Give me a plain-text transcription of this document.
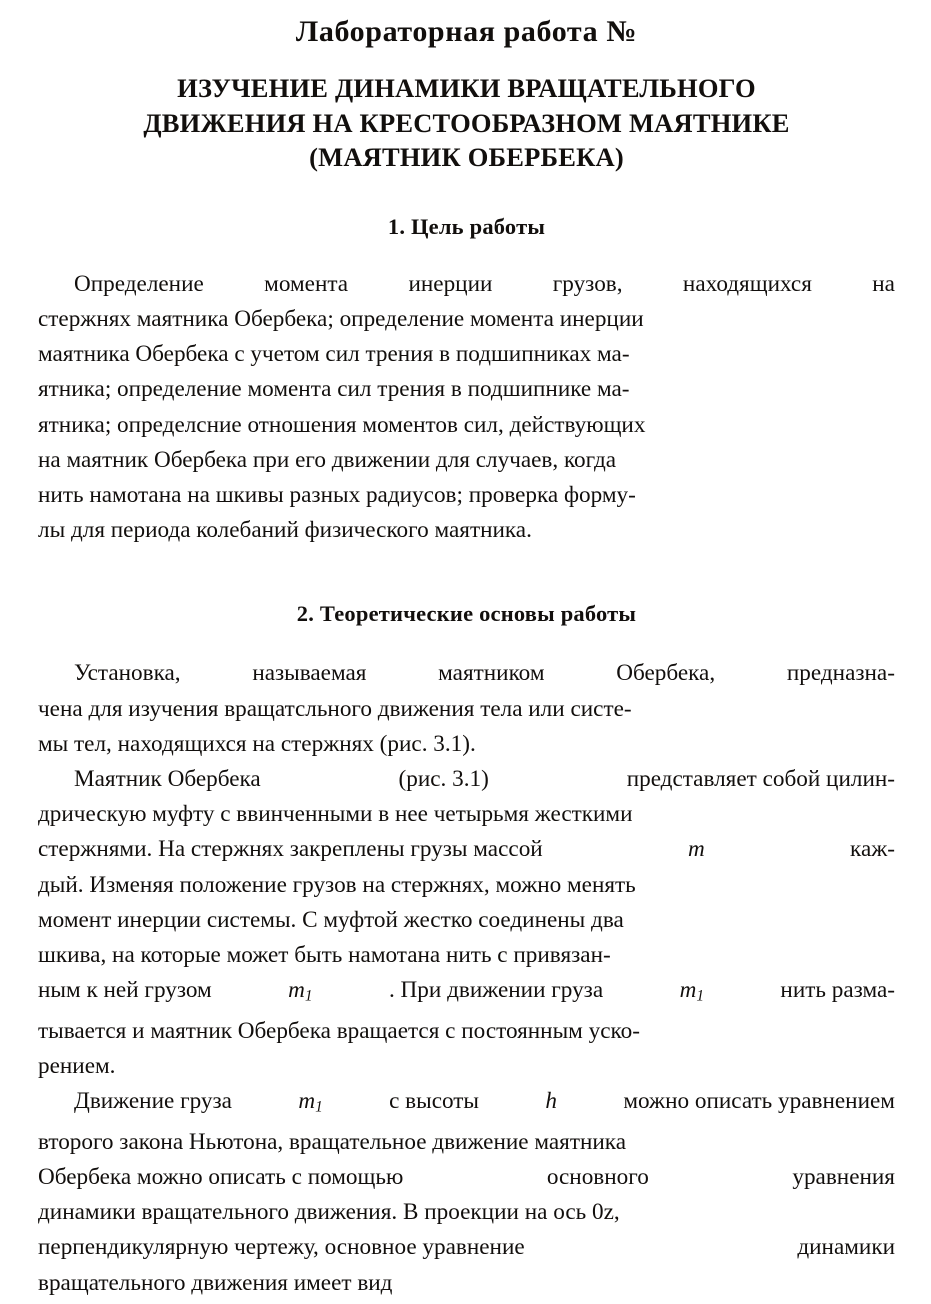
Лабораторная работа №
ИЗУЧЕНИЕ ДИНАМИКИ ВРАЩАТЕЛЬНОГО
ДВИЖЕНИЯ НА КРЕСТООБРАЗНОМ МАЯТНИКЕ
(МАЯТНИК ОБЕРБЕКА)
1. Цель работы

Определение	момента	инерции	грузов,	находящихся	на
стержнях маятника Обербека; определение момента инерции
маятника Обербека с учетом сил трения в подшипниках ма-
ятника; определение момента сил трения в подшипнике ма-
ятника; определсние отношения моментов сил, действующих
на маятник Обербека при его движении для случаев, когда
нить намотана на шкивы разных радиусов; проверка форму-
лы для периода колебаний физического маятника.

2. Теоретические основы работы

Установка,	называемая	маятником	Обербека,	предназна-
чена для изучения вращатсльного движения тела или систе-
мы тел, находящихся на стержнях (рис. 3.1).

Маятник Обербека	(рис. 3.1)	представляет собой цилин-
дрическую муфту с ввинченными в нее четырьмя жесткими
стержнями. На стержнях закреплены грузы массой	m	каж-
дый. Изменяя положение грузов на стержнях, можно менять
момент инерции системы. С муфтой жестко соединены два
шкива, на которые может быть намотана нить с привязан-
ным к ней грузом	$m_1$	. При движении груза	$m_1$	нить разма-
тывается и маятник Обербека вращается с постоянным уско-
рением.

Движение груза	$m_1$	с высоты	h	можно описать уравнением
второго закона Ньютона, вращательное движение маятника
Обербека можно описать с помощью	основного	уравнения
динамики вращательного движения. В проекции на ось 0z,
перпендикулярную чертежу, основное уравнение	динамики
вращательного движения имеет вид
